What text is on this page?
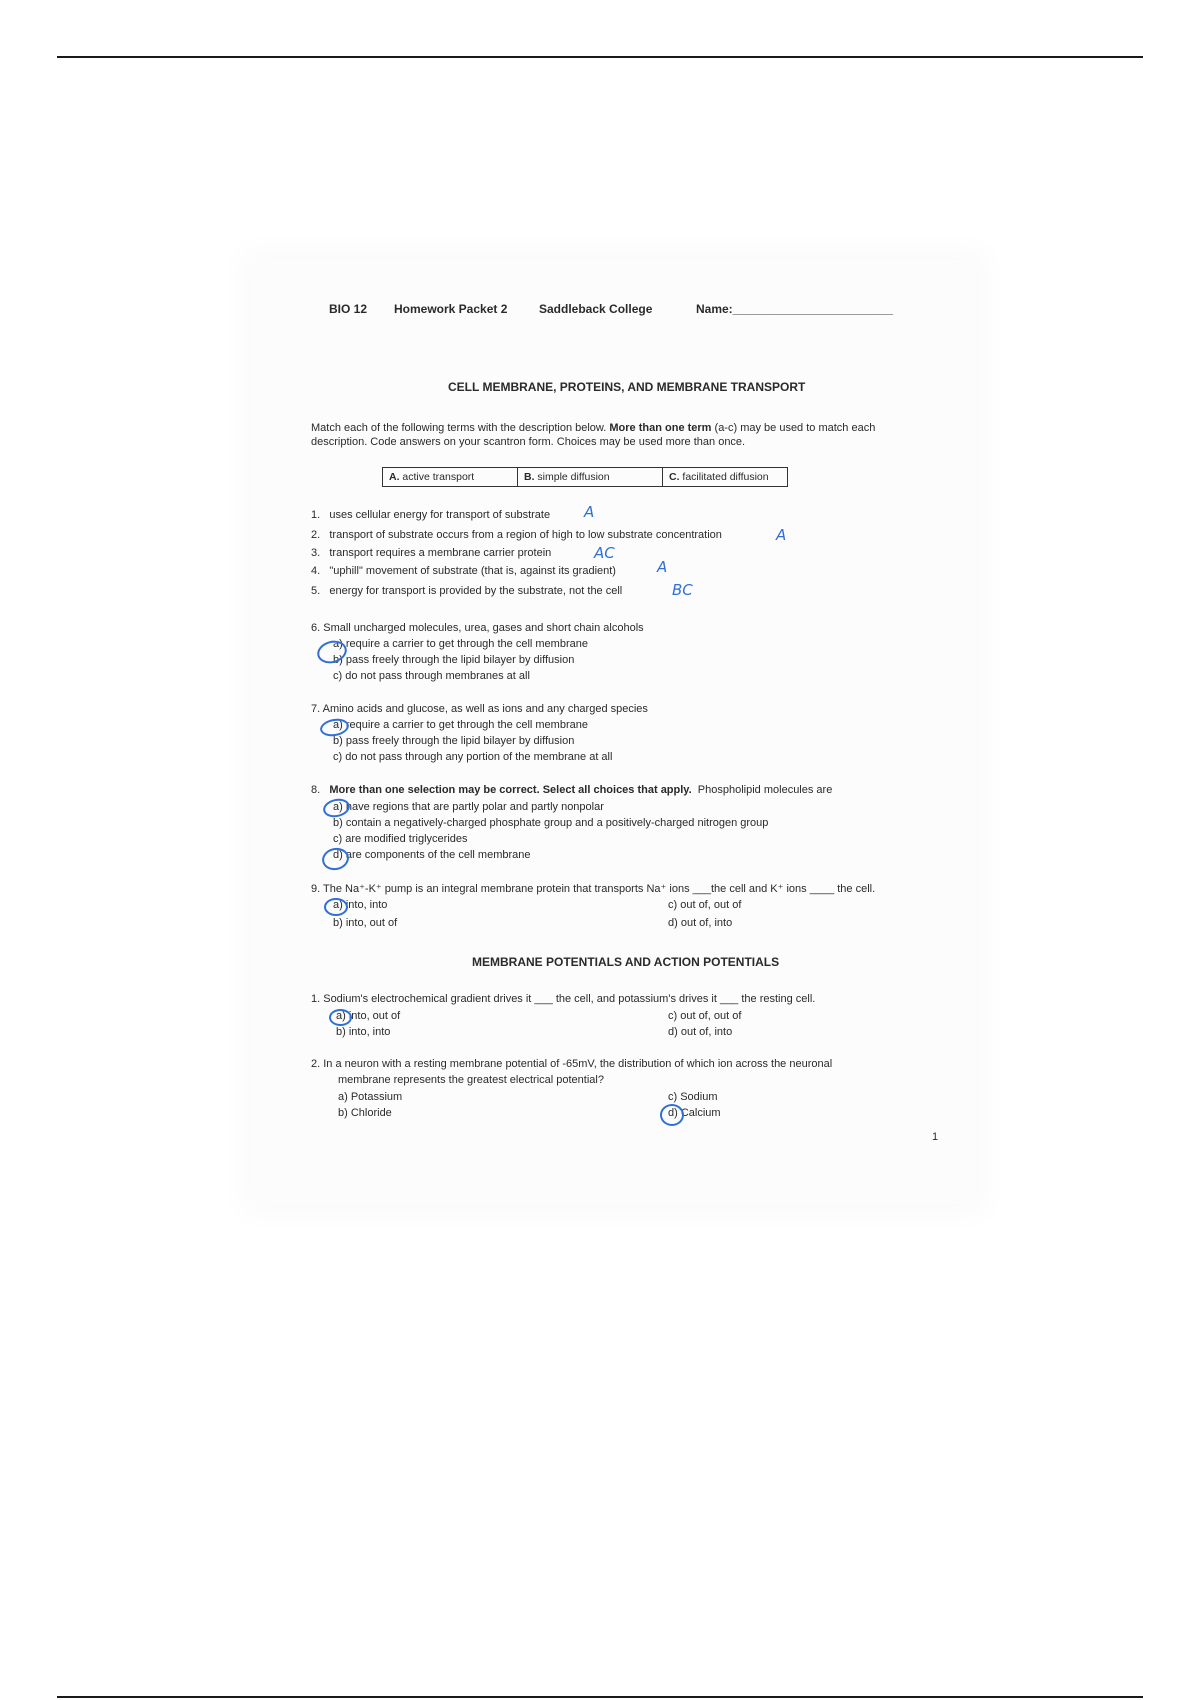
BIO 12 Homework Packet 2	Saddleback College	Name:________________________
CELL MEMBRANE, PROTEINS, AND MEMBRANE TRANSPORT
Match each of the following terms with the description below. More than one term (a-c) may be used to match each
description. Code answers on your scantron form. Choices may be used more than once.
A. active transport	B. simple diffusion	C. facilitated diffusion
1. uses cellular energy for transport of substrate A
2. transport of substrate occurs from a region of high to low substrate concentration	A
3. transport requires a membrane carrier protein	AC
4. "uphill" movement of substrate (that is, against its gradient)	A
5. energy for transport is provided by the substrate, not the cell	BC
6. Small uncharged molecules, urea, gases and short chain alcohols
a) require a carrier to get through the cell membrane
b) pass freely through the lipid bilayer by diffusion
c) do not pass through membranes at all
7. Amino acids and glucose, as well as ions and any charged species
a) require a carrier to get through the cell membrane
b) pass freely through the lipid bilayer by diffusion
c) do not pass through any portion of the membrane at all
8. More than one selection may be correct. Select all choices that apply. Phospholipid molecules are
a) have regions that are partly polar and partly nonpolar
b) contain a negatively-charged phosphate group and a positively-charged nitrogen group
c) are modified triglycerides
d) are components of the cell membrane
9. The Na⁺-K⁺ pump is an integral membrane protein that transports Na⁺ ions ___the cell and K⁺ ions ____ the cell.
a) into, into
b) into, out of
c) out of, out of
d) out of, into
MEMBRANE POTENTIALS AND ACTION POTENTIALS
1. Sodium's electrochemical gradient drives it ___ the cell, and potassium's drives it ___ the resting cell.
a) into, out of
b) into, into
c) out of, out of
d) out of, into
2. In a neuron with a resting membrane potential of -65mV, the distribution of which ion across the neuronal
membrane represents the greatest electrical potential?
a) Potassium
b) Chloride
c) Sodium
d) Calcium
1
